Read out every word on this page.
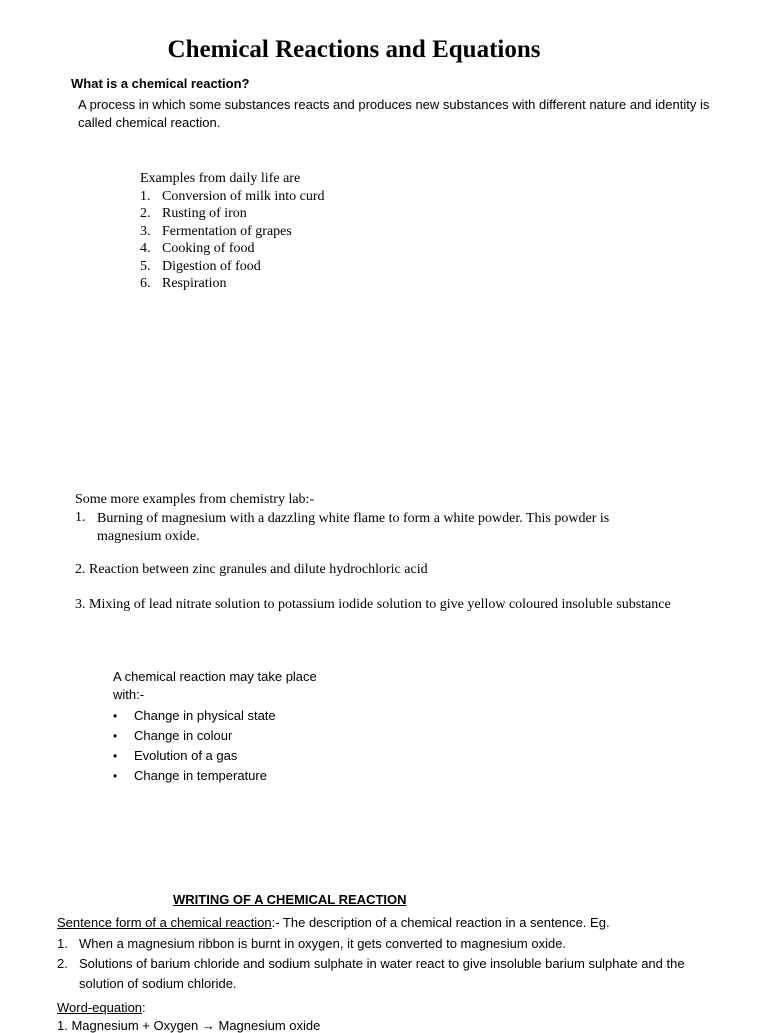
Chemical Reactions and Equations
What is a chemical reaction?
A process in which some substances reacts and produces new substances with different nature and identity is called chemical reaction.
Examples from daily life are
1. Conversion of milk into curd
2. Rusting of iron
3. Fermentation of grapes
4. Cooking of food
5. Digestion of food
6. Respiration
Some more examples from chemistry lab:-
1. Burning of magnesium with a dazzling white flame to form a white powder. This powder is magnesium oxide.
2. Reaction between zinc granules and dilute hydrochloric acid
3. Mixing of lead nitrate solution to potassium iodide solution to give yellow coloured insoluble substance
A chemical reaction may take place with:-
• Change in physical state
• Change in colour
• Evolution of a gas
• Change in temperature
WRITING OF A CHEMICAL REACTION
Sentence form of a chemical reaction:- The description of a chemical reaction in a sentence. Eg.
1. When a magnesium ribbon is burnt in oxygen, it gets converted to magnesium oxide.
2. Solutions of barium chloride and sodium sulphate in water react to give insoluble barium sulphate and the solution of sodium chloride.
Word-equation:
1. Magnesium + Oxygen → Magnesium oxide
